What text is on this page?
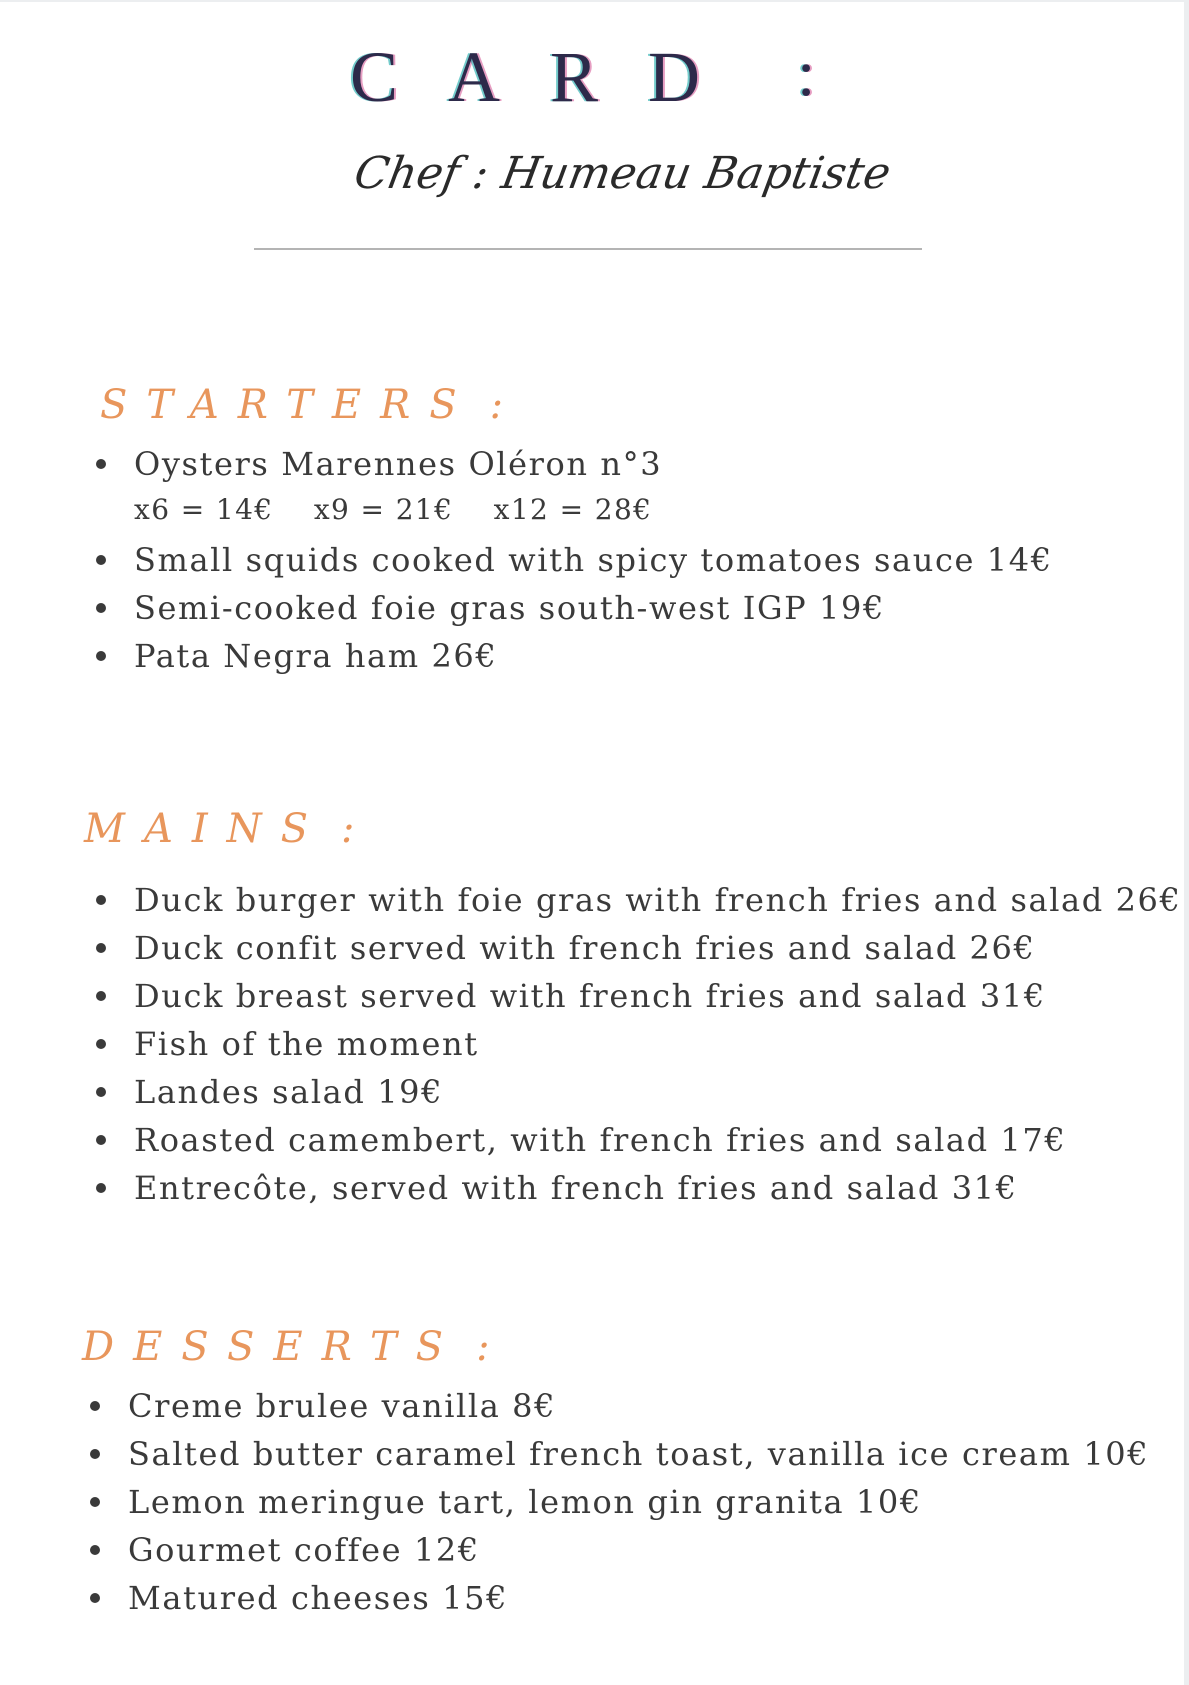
CARD :
Chef : Humeau Baptiste
STARTERS :
Oysters Marennes Oléron n°3
x6 = 14€ x9 = 21€ x12 = 28€
Small squids cooked with spicy tomatoes sauce 14€
Semi-cooked foie gras south-west IGP 19€
Pata Negra ham 26€
MAINS :
Duck burger with foie gras with french fries and salad 26€
Duck confit served with french fries and salad 26€
Duck breast served with french fries and salad 31€
Fish of the moment
Landes salad 19€
Roasted camembert, with french fries and salad 17€
Entrecôte, served with french fries and salad 31€
DESSERTS :
Creme brulee vanilla 8€
Salted butter caramel french toast, vanilla ice cream 10€
Lemon meringue tart, lemon gin granita 10€
Gourmet coffee 12€
Matured cheeses 15€
